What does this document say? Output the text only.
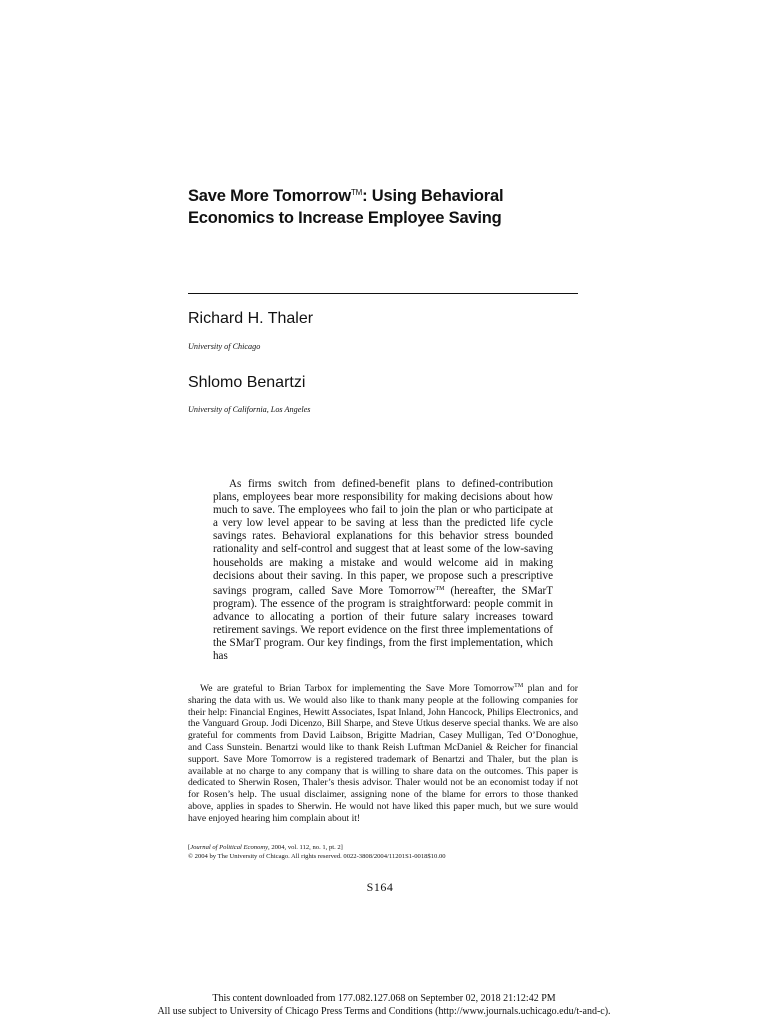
Save More Tomorrow™: Using Behavioral
Economics to Increase Employee Saving

Richard H. Thaler

University of Chicago

Shlomo Benartzi

University of California, Los Angeles

As firms switch from defined-benefit plans to defined-contribution plans, employees bear more responsibility for making decisions about how much to save. The employees who fail to join the plan or who participate at a very low level appear to be saving at less than the predicted life cycle savings rates. Behavioral explanations for this behavior stress bounded rationality and self-control and suggest that at least some of the low-saving households are making a mistake and would welcome aid in making decisions about their saving. In this paper, we propose such a prescriptive savings program, called Save More Tomorrow™ (hereafter, the SMarT program). The essence of the program is straightforward: people commit in advance to allocating a portion of their future salary increases toward retirement savings. We report evidence on the first three implementations of the SMarT program. Our key findings, from the first implementation, which has

We are grateful to Brian Tarbox for implementing the Save More Tomorrow™ plan and for sharing the data with us. We would also like to thank many people at the following companies for their help: Financial Engines, Hewitt Associates, Ispat Inland, John Hancock, Philips Electronics, and the Vanguard Group. Jodi Dicenzo, Bill Sharpe, and Steve Utkus deserve special thanks. We are also grateful for comments from David Laibson, Brigitte Madrian, Casey Mulligan, Ted O’Donoghue, and Cass Sunstein. Benartzi would like to thank Reish Luftman McDaniel & Reicher for financial support. Save More Tomorrow is a registered trademark of Benartzi and Thaler, but the plan is available at no charge to any company that is willing to share data on the outcomes. This paper is dedicated to Sherwin Rosen, Thaler’s thesis advisor. Thaler would not be an economist today if not for Rosen’s help. The usual disclaimer, assigning none of the blame for errors to those thanked above, applies in spades to Sherwin. He would not have liked this paper much, but we sure would have enjoyed hearing him complain about it!

[Journal of Political Economy, 2004, vol. 112, no. 1, pt. 2]
© 2004 by The University of Chicago. All rights reserved. 0022-3808/2004/11201S1-0018$10.00
S164
This content downloaded from 177.082.127.068 on September 02, 2018 21:12:42 PM
All use subject to University of Chicago Press Terms and Conditions (http://www.journals.uchicago.edu/t-and-c).
